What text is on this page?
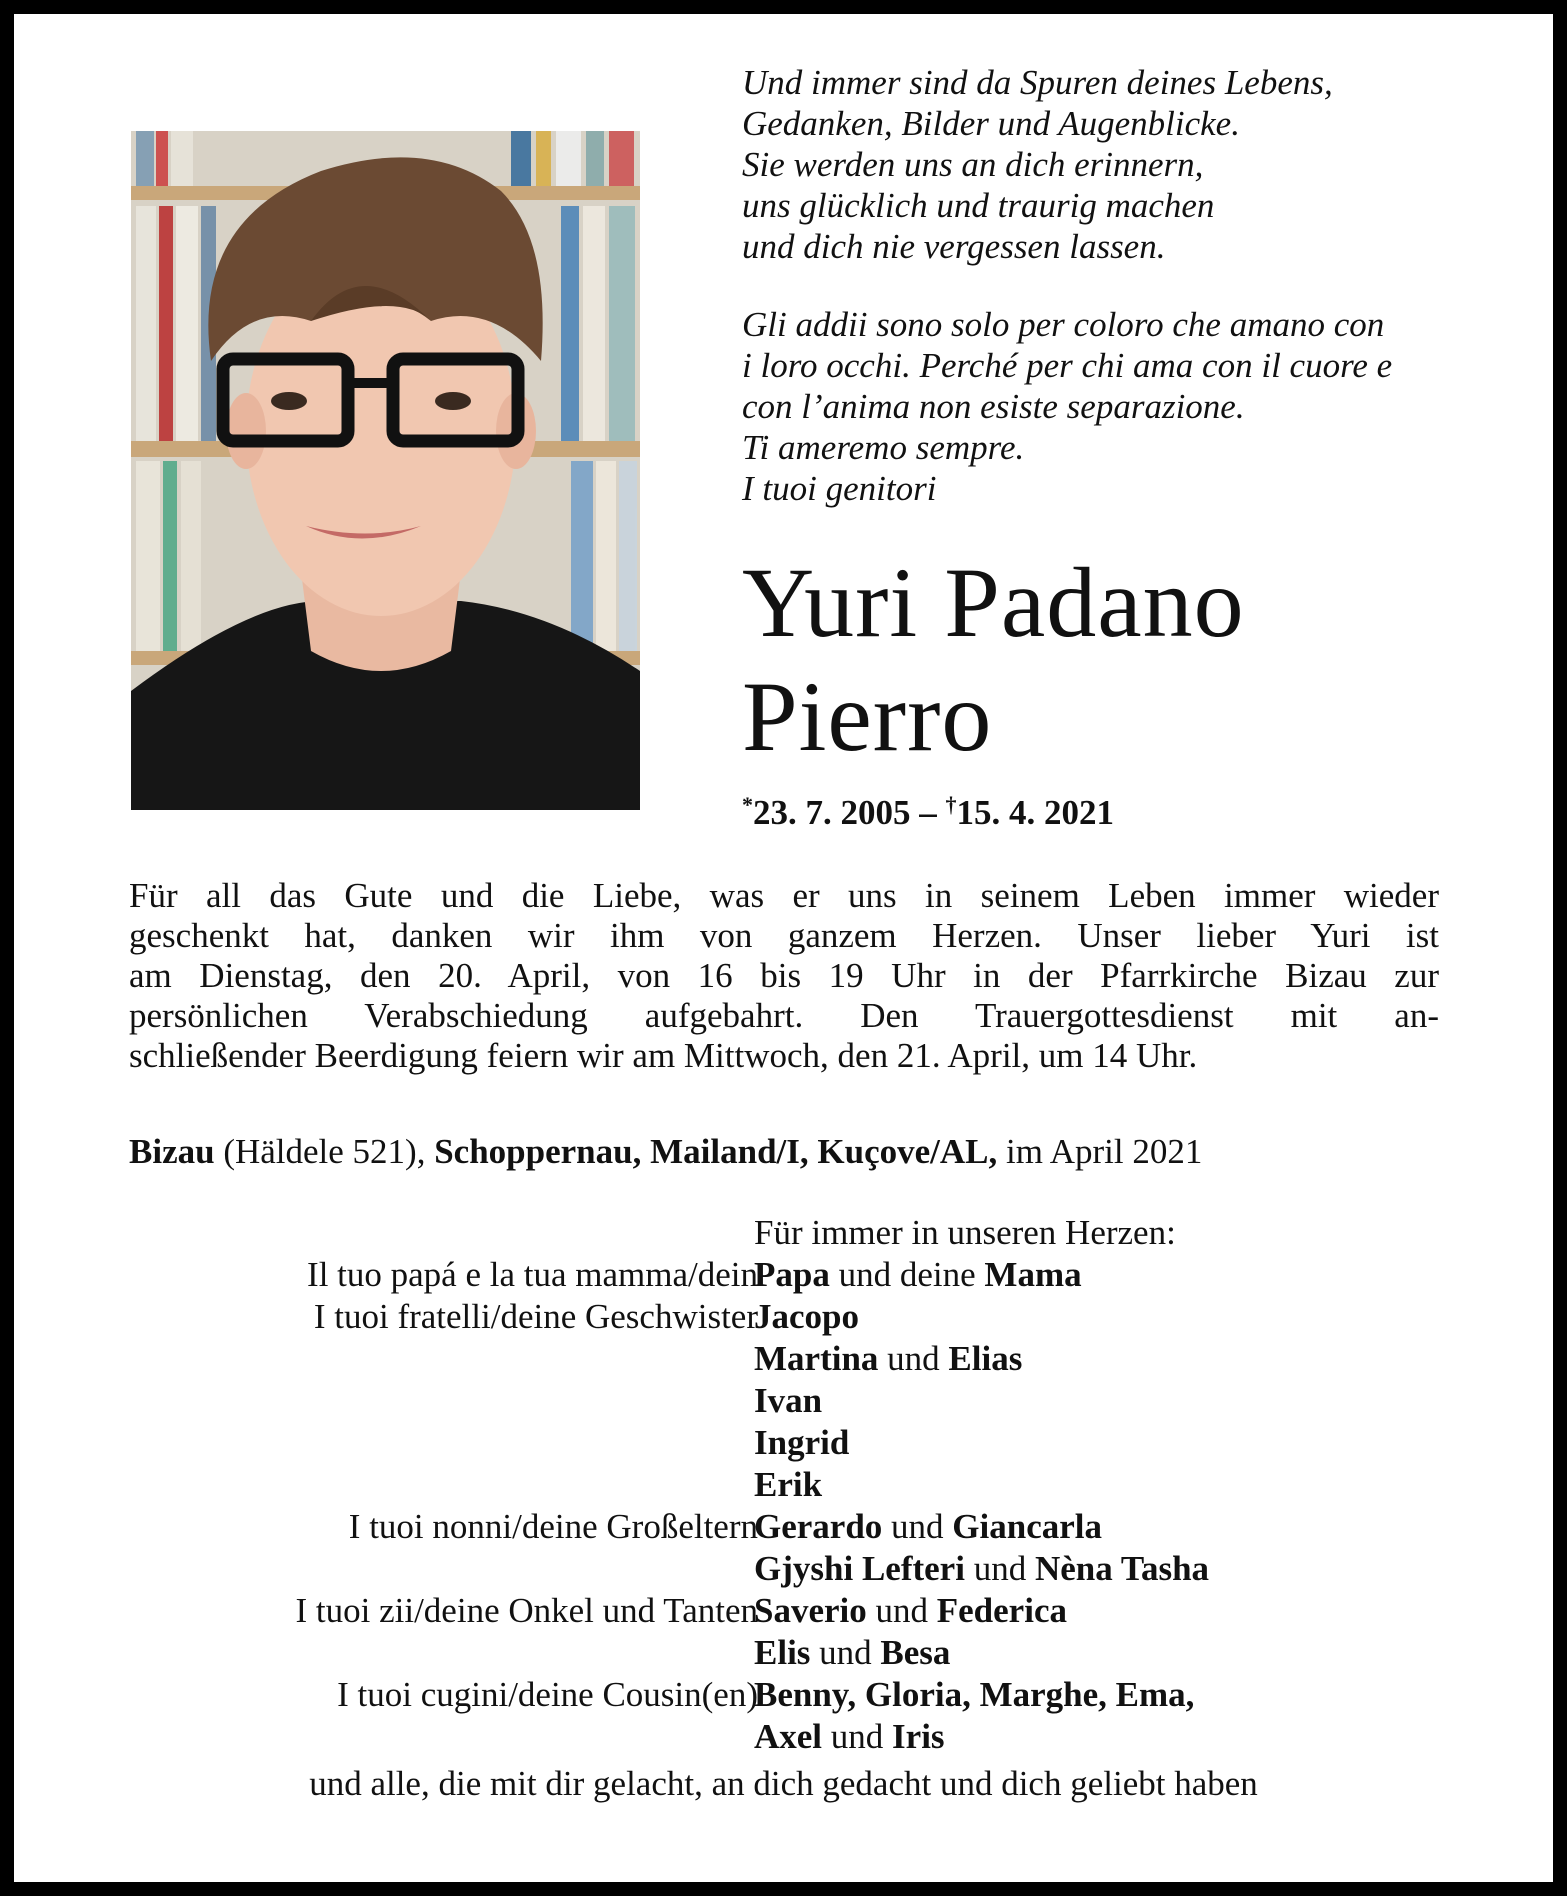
Und immer sind da Spuren deines Lebens,
Gedanken, Bilder und Augenblicke.
Sie werden uns an dich erinnern,
uns glücklich und traurig machen
und dich nie vergessen lassen.
Gli addii sono solo per coloro che amano con
i loro occhi. Perché per chi ama con il cuore e
con l’anima non esiste separazione.
Ti ameremo sempre.
I tuoi genitori
Yuri Padano
Pierro
*23. 7. 2005 – †15. 4. 2021
Für all das Gute und die Liebe, was er uns in seinem Leben immer wieder
geschenkt hat, danken wir ihm von ganzem Herzen. Unser lieber Yuri ist
am Dienstag, den 20. April, von 16 bis 19 Uhr in der Pfarrkirche Bizau zur
persönlichen Verabschiedung aufgebahrt. Den Trauergottesdienst mit an-
schließender Beerdigung feiern wir am Mittwoch, den 21. April, um 14 Uhr.
Bizau (Häldele 521), Schoppernau, Mailand/I, Kuçove/AL, im April 2021
Für immer in unseren Herzen:
Il tuo papá e la tua mamma/dein
Papa und deine Mama
I tuoi fratelli/deine Geschwister
Jacopo
Martina und Elias
Ivan
Ingrid
Erik
I tuoi nonni/deine Großeltern
Gerardo und Giancarla
Gjyshi Lefteri und Nèna Tasha
I tuoi zii/deine Onkel und Tanten
Saverio und Federica
Elis und Besa
I tuoi cugini/deine Cousin(en)
Benny, Gloria, Marghe, Ema,
Axel und Iris
und alle, die mit dir gelacht, an dich gedacht und dich geliebt haben
